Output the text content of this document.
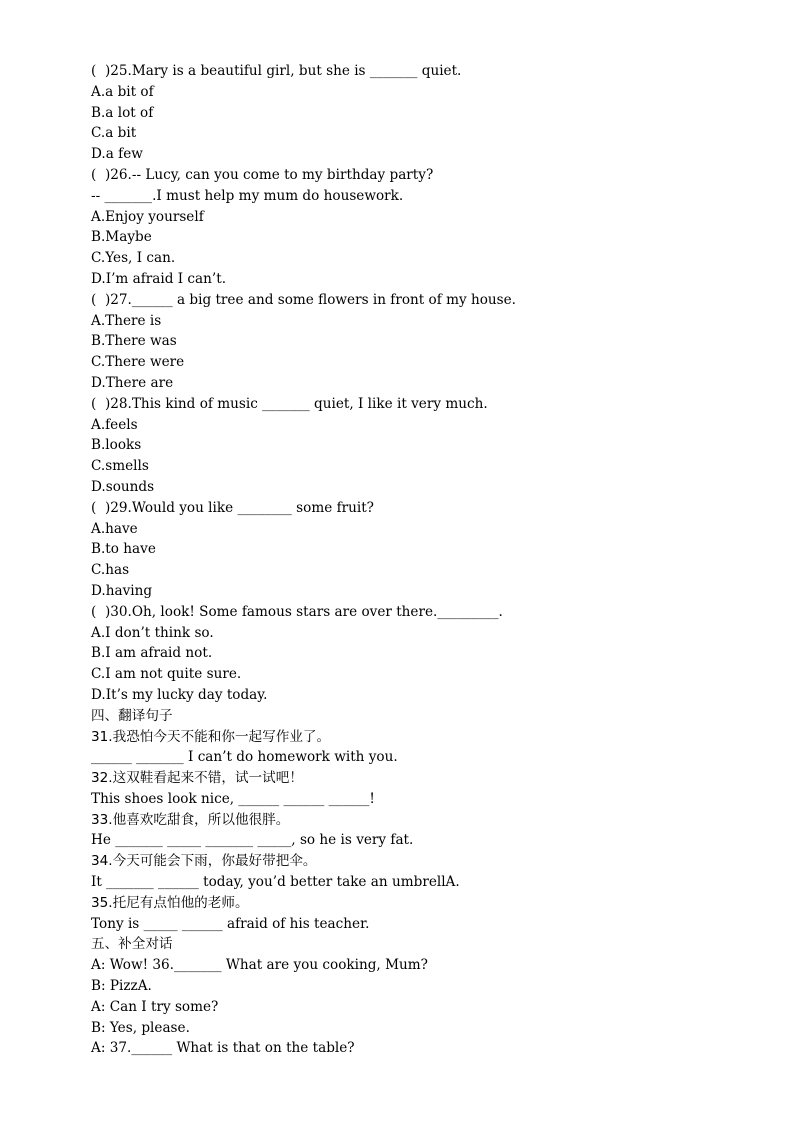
(  )25.Mary is a beautiful girl, but she is _______ quiet.
A.a bit of
B.a lot of
C.a bit
D.a few
(  )26.-- Lucy, can you come to my birthday party?
-- _______.I must help my mum do housework.
A.Enjoy yourself
B.Maybe
C.Yes, I can.
D.I’m afraid I can’t.
(  )27.______ a big tree and some flowers in front of my house.
A.There is
B.There was
C.There were
D.There are
(  )28.This kind of music _______ quiet, I like it very much.
A.feels
B.looks
C.smells
D.sounds
(  )29.Would you like ________ some fruit?
A.have
B.to have
C.has
D.having
(  )30.Oh, look! Some famous stars are over there._________.
A.I don’t think so.
B.I am afraid not.
C.I am not quite sure.
D.It’s my lucky day today.
四、翻译句子
31.我恐怕今天不能和你一起写作业了。
______ _______ I can’t do homework with you.
32.这双鞋看起来不错，试一试吧！
This shoes look nice, ______ ______ ______!
33.他喜欢吃甜食，所以他很胖。
He _______ _____ _______ _____, so he is very fat.
34.今天可能会下雨，你最好带把伞。
It _______ ______ today, you’d better take an umbrellA.
35.托尼有点怕他的老师。
Tony is _____ ______ afraid of his teacher.
五、补全对话
A: Wow! 36._______ What are you cooking, Mum?
B: PizzA.
A: Can I try some?
B: Yes, please.
A: 37.______ What is that on the table?
